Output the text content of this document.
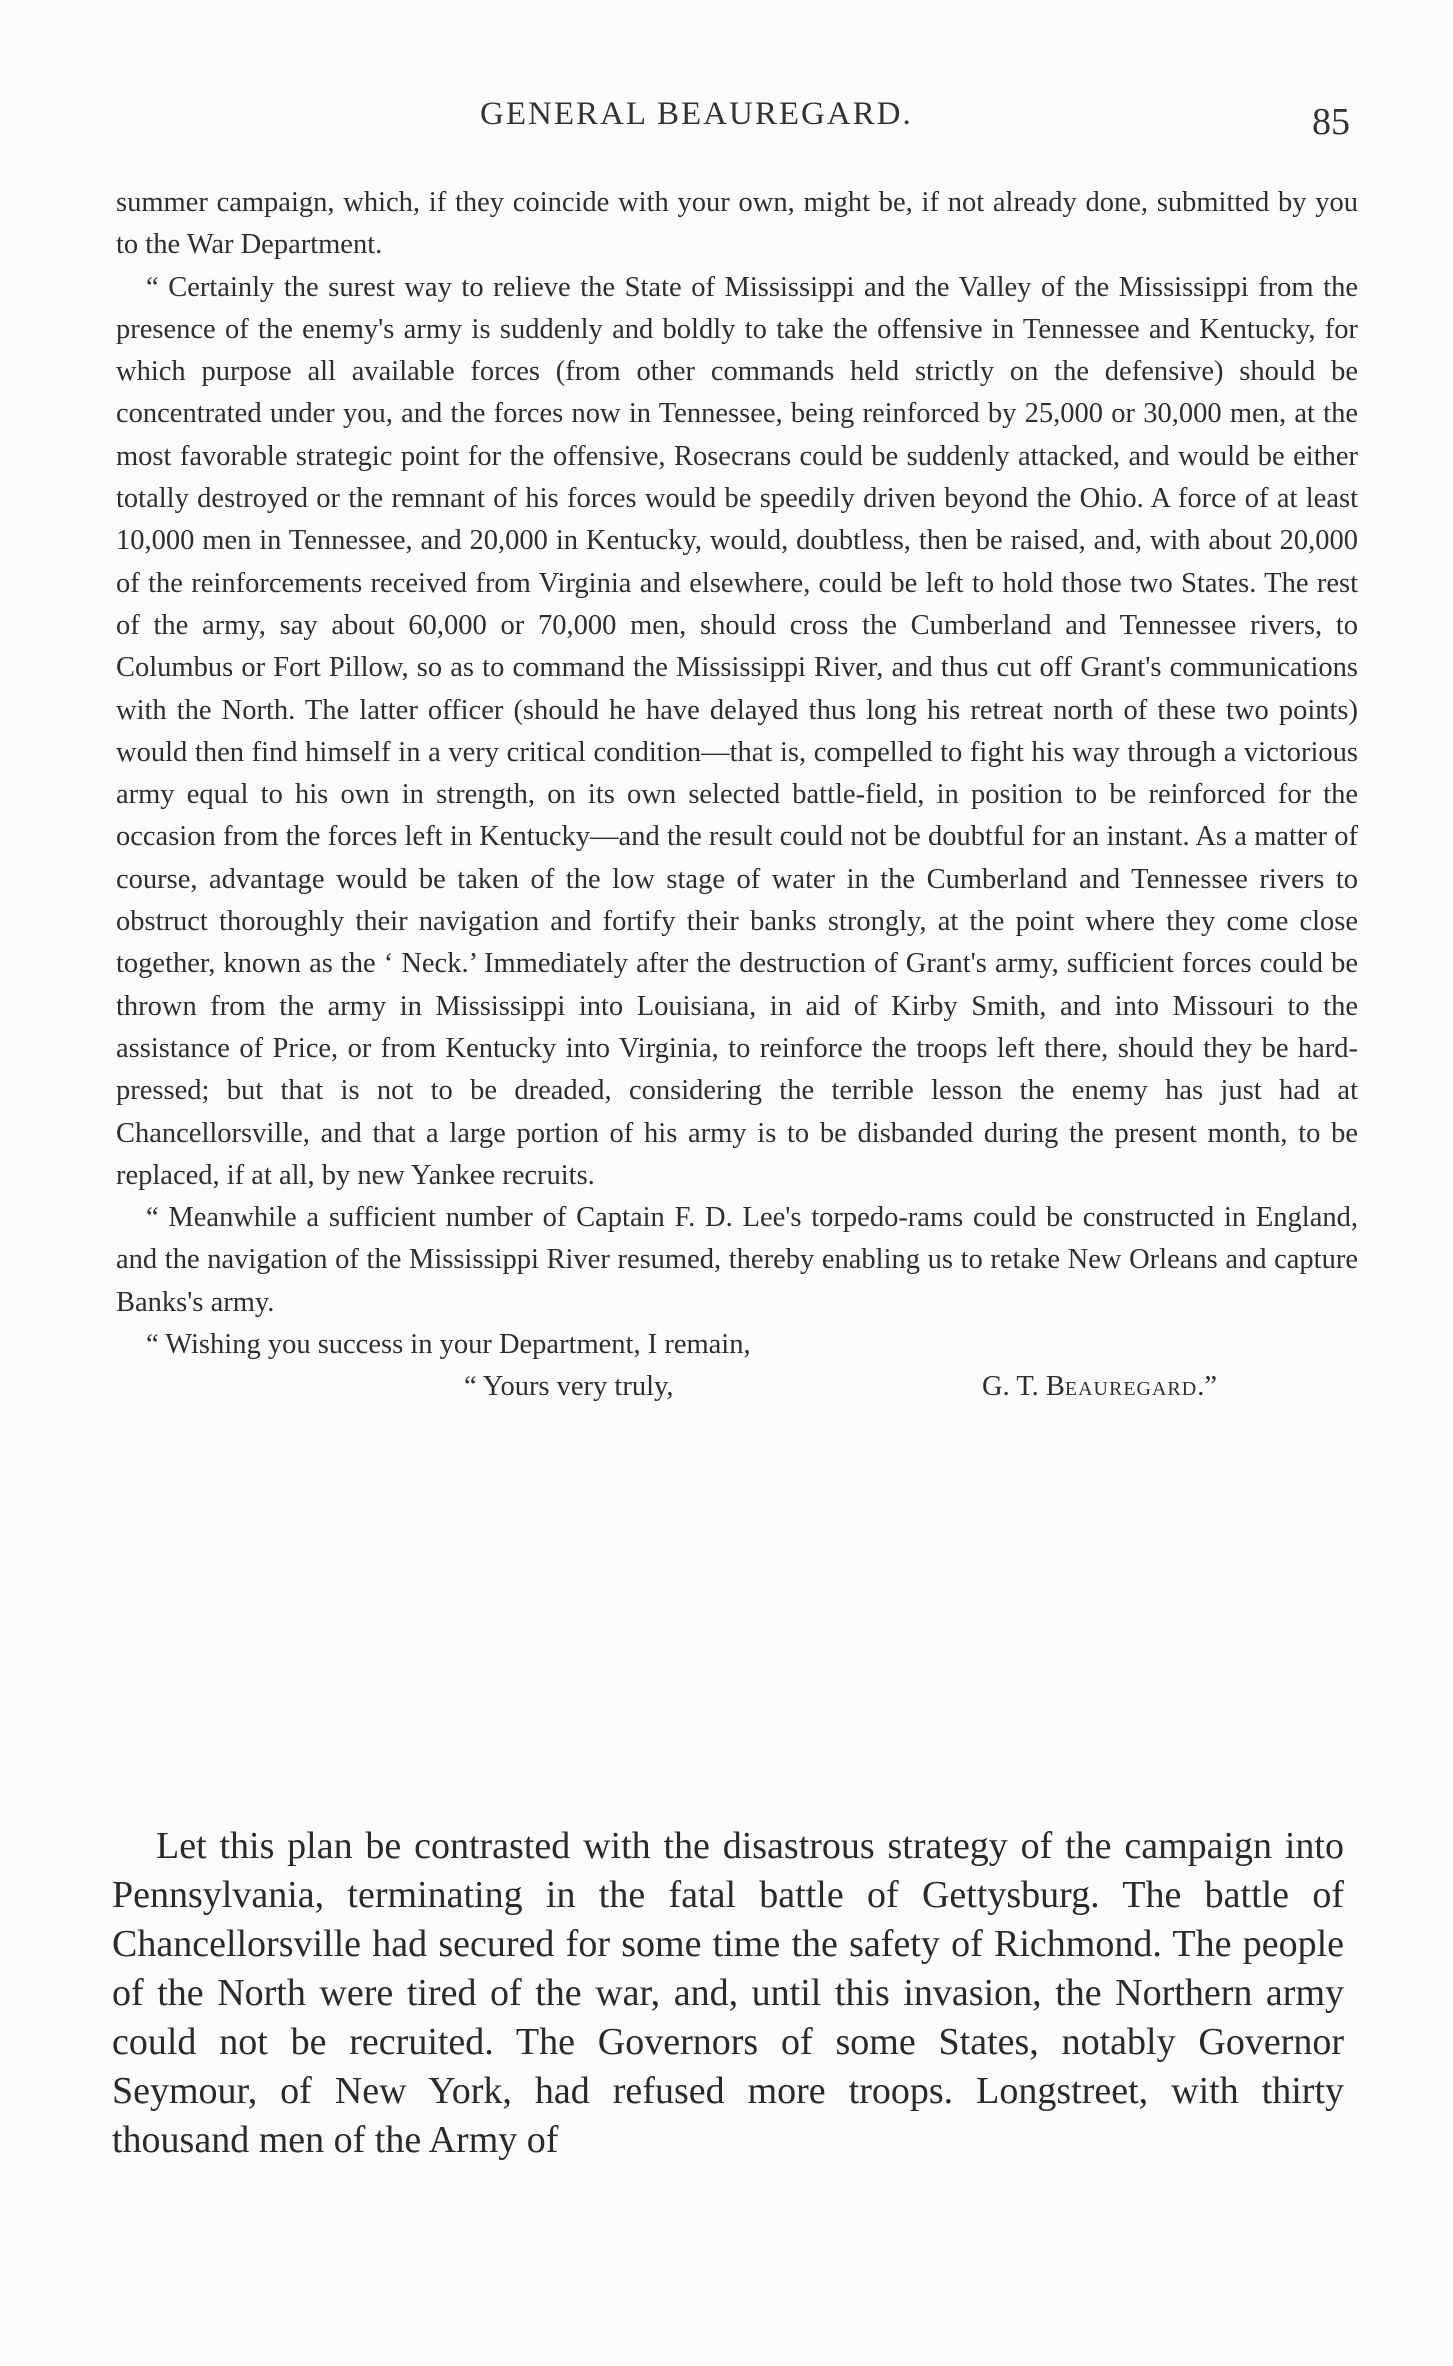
GENERAL BEAUREGARD.	85

summer campaign, which, if they coincide with your own, might be, if not already done, submitted by you to the War Department.

“ Certainly the surest way to relieve the State of Mississippi and the Valley of the Mississippi from the presence of the enemy's army is suddenly and boldly to take the offensive in Tennessee and Kentucky, for which purpose all available forces (from other commands held strictly on the defensive) should be concentrated under you, and the forces now in Tennessee, being reinforced by 25,000 or 30,000 men, at the most favorable strategic point for the offensive, Rosecrans could be suddenly attacked, and would be either totally destroyed or the remnant of his forces would be speedily driven beyond the Ohio. A force of at least 10,000 men in Tennessee, and 20,000 in Kentucky, would, doubtless, then be raised, and, with about 20,000 of the reinforcements received from Virginia and elsewhere, could be left to hold those two States. The rest of the army, say about 60,000 or 70,000 men, should cross the Cumberland and Tennessee rivers, to Columbus or Fort Pillow, so as to command the Mississippi River, and thus cut off Grant's communications with the North. The latter officer (should he have delayed thus long his retreat north of these two points) would then find himself in a very critical condition—that is, compelled to fight his way through a victorious army equal to his own in strength, on its own selected battle-field, in position to be reinforced for the occasion from the forces left in Kentucky—and the result could not be doubtful for an instant. As a matter of course, advantage would be taken of the low stage of water in the Cumberland and Tennessee rivers to obstruct thoroughly their navigation and fortify their banks strongly, at the point where they come close together, known as the ‘ Neck.’ Immediately after the destruction of Grant's army, sufficient forces could be thrown from the army in Mississippi into Louisiana, in aid of Kirby Smith, and into Missouri to the assistance of Price, or from Kentucky into Virginia, to reinforce the troops left there, should they be hard-pressed; but that is not to be dreaded, considering the terrible lesson the enemy has just had at Chancellorsville, and that a large portion of his army is to be disbanded during the present month, to be replaced, if at all, by new Yankee recruits.

“ Meanwhile a sufficient number of Captain F. D. Lee's torpedo-rams could be constructed in England, and the navigation of the Mississippi River resumed, thereby enabling us to retake New Orleans and capture Banks's army.

“ Wishing you success in your Department, I remain,

“ Yours very truly,	G. T. Beauregard.”

Let this plan be contrasted with the disastrous strategy of the campaign into Pennsylvania, terminating in the fatal battle of Gettysburg. The battle of Chancellorsville had secured for some time the safety of Richmond. The people of the North were tired of the war, and, until this invasion, the Northern army could not be recruited. The Governors of some States, notably Governor Seymour, of New York, had refused more troops. Longstreet, with thirty thousand men of the Army of
